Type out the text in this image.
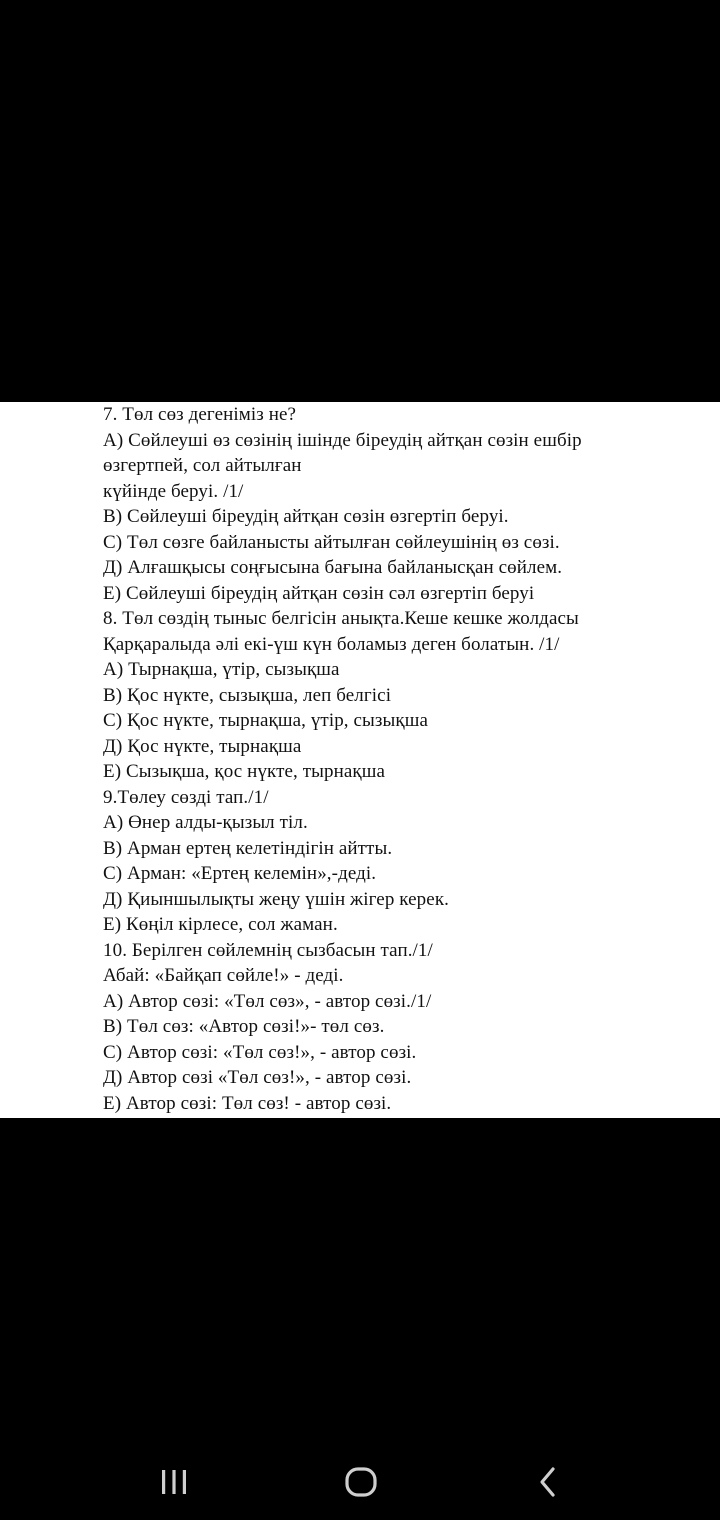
7. Төл сөз дегеніміз не?
А) Сөйлеуші өз сөзінің ішінде біреудің айтқан сөзін ешбір
өзгертпей, сол айтылған
күйінде беруі. /1/
В) Сөйлеуші біреудің айтқан сөзін өзгертіп беруі.
С) Төл сөзге байланысты айтылған сөйлеушінің өз сөзі.
Д) Алғашқысы соңғысына бағына байланысқан сөйлем.
Е) Сөйлеуші біреудің айтқан сөзін сәл өзгертіп беруі
8. Төл сөздің тыныс белгісін анықта.Кеше кешке жолдасы
Қарқаралыда әлі екі-үш күн боламыз деген болатын. /1/
А) Тырнақша, үтір, сызықша
В) Қос нүкте, сызықша, леп белгісі
С) Қос нүкте, тырнақша, үтір, сызықша
Д) Қос нүкте, тырнақша
Е) Сызықша, қос нүкте, тырнақша
9.Төлеу сөзді тап./1/
А) Өнер алды-қызыл тіл.
В) Арман ертең келетіндігін айтты.
С) Арман: «Ертең келемін»,-деді.
Д) Қиыншылықты жеңу үшін жігер керек.
Е) Көңіл кірлесе, сол жаман.
10. Берілген сөйлемнің сызбасын тап./1/
Абай: «Байқап сөйле!» - деді.
А) Автор сөзі: «Төл сөз», - автор сөзі./1/
В) Төл сөз: «Автор сөзі!»- төл сөз.
С) Автор сөзі: «Төл сөз!», - автор сөзі.
Д) Автор сөзі «Төл сөз!», - автор сөзі.
Е) Автор сөзі: Төл сөз! - автор сөзі.
